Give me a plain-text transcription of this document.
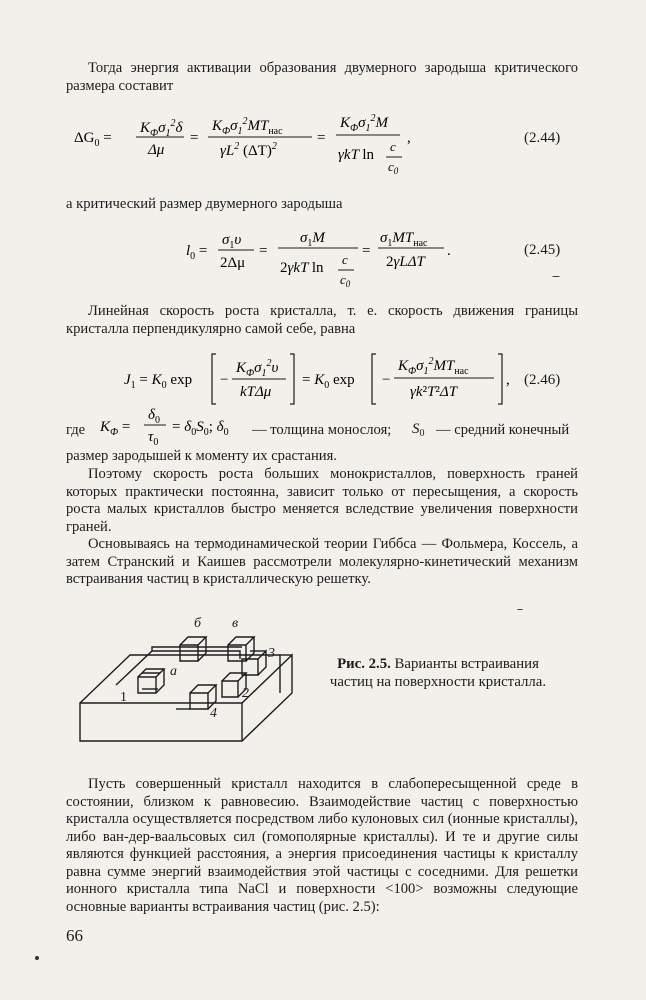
Тогда энергия активации образования двумерного зародыша критического размера составит

$\Delta G_0$ =
$K_Ф\sigma_1^2\delta$
Δμ
=
$K_Ф\sigma_1^2MT_{нас}$
$\gamma L^2$ $(\Delta T)^2$
=
$K_Ф\sigma_1^2M$
γkT ln
c
$c_0$
,	(2.44)

а критический размер двумерного зародыша

$l_0$ =
$\sigma_1\upsilon$
2Δμ
=
$\sigma_1M$
2γkT ln
c
$c_0$
=
$\sigma_1MT_{нас}$
2γLΔT
.	(2.45)

Линейная скорость роста кристалла, т. е. скорость движения границы кристалла перпендикулярно самой себе, равна

$J_1 = K_0$ exp −
$K_Ф\sigma_1^2\upsilon$
kTΔμ
= $K_0$ exp −
$K_Ф\sigma_1^2MT_{нас}$
γk²T²ΔT
, (2.46)
где $K_Ф$ =
$\delta_0$
$\tau_0$
= $\delta_0S_0$; $\delta_0$ — толщина монослоя; $S_0$ — средний конечный

размер зародышей к моменту их срастания.

Поэтому скорость роста больших монокристаллов, поверхность граней которых практически постоянна, зависит только от пересыщения, а скорость роста малых кристаллов быстро меняется вследствие увеличения поверхности граней.

Основываясь на термодинамической теории Гиббса — Фольмера, Коссель, а затем Странский и Каишев рассмотрели молекулярно-кинетический механизм встраивания частиц в кристаллическую решетку.

а
1
б в
2
3
4
Рис. 2.5. Варианты встраивания частиц на поверхности кристалла.

Пусть совершенный кристалл находится в слабопересыщенной среде в состоянии, близком к равновесию. Взаимодействие частиц с поверхностью кристалла осуществляется посредством либо кулоновых сил (ионные кристаллы), либо ван-дер-ваальсовых сил (гомополярные кристаллы). И те и другие силы являются функцией расстояния, а энергия присоединения частицы к кристаллу равна сумме энергий взаимодействия этой частицы с соседними. Для решетки ионного кристалла типа NaCl и поверхности <100> возможны следующие основные варианты встраивания частиц (рис. 2.5):

66
